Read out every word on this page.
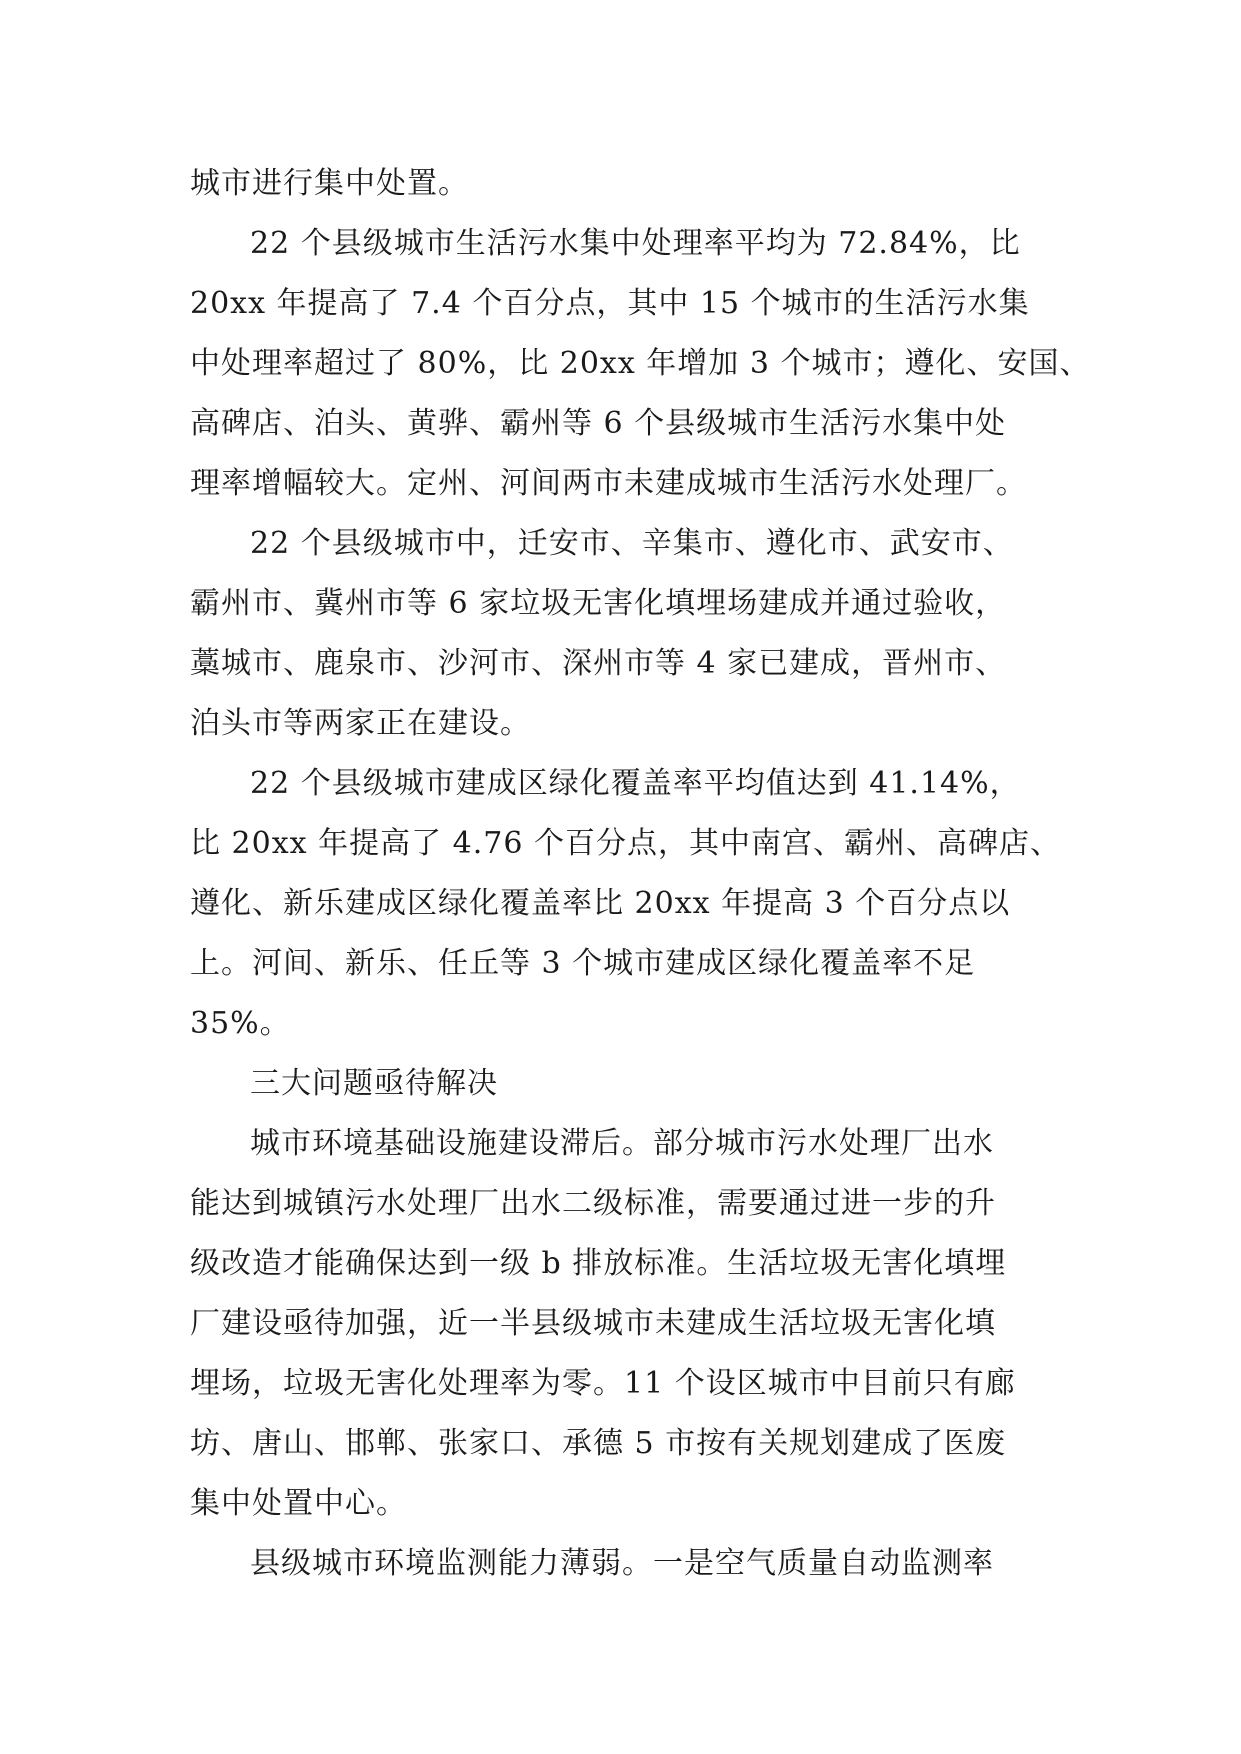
城市进行集中处置。
22 个县级城市生活污水集中处理率平均为 72.84%，比
20xx 年提高了 7.4 个百分点，其中 15 个城市的生活污水集
中处理率超过了 80%，比 20xx 年增加 3 个城市；遵化、安国、
高碑店、泊头、黄骅、霸州等 6 个县级城市生活污水集中处
理率增幅较大。定州、河间两市未建成城市生活污水处理厂。
22 个县级城市中，迁安市、辛集市、遵化市、武安市、
霸州市、冀州市等 6 家垃圾无害化填埋场建成并通过验收，
藁城市、鹿泉市、沙河市、深州市等 4 家已建成，晋州市、
泊头市等两家正在建设。
22 个县级城市建成区绿化覆盖率平均值达到 41.14%，
比 20xx 年提高了 4.76 个百分点，其中南宫、霸州、高碑店、
遵化、新乐建成区绿化覆盖率比 20xx 年提高 3 个百分点以
上。河间、新乐、任丘等 3 个城市建成区绿化覆盖率不足
35%。
三大问题亟待解决
城市环境基础设施建设滞后。部分城市污水处理厂出水
能达到城镇污水处理厂出水二级标准，需要通过进一步的升
级改造才能确保达到一级 b 排放标准。生活垃圾无害化填埋
厂建设亟待加强，近一半县级城市未建成生活垃圾无害化填
埋场，垃圾无害化处理率为零。11 个设区城市中目前只有廊
坊、唐山、邯郸、张家口、承德 5 市按有关规划建成了医废
集中处置中心。
县级城市环境监测能力薄弱。一是空气质量自动监测率
